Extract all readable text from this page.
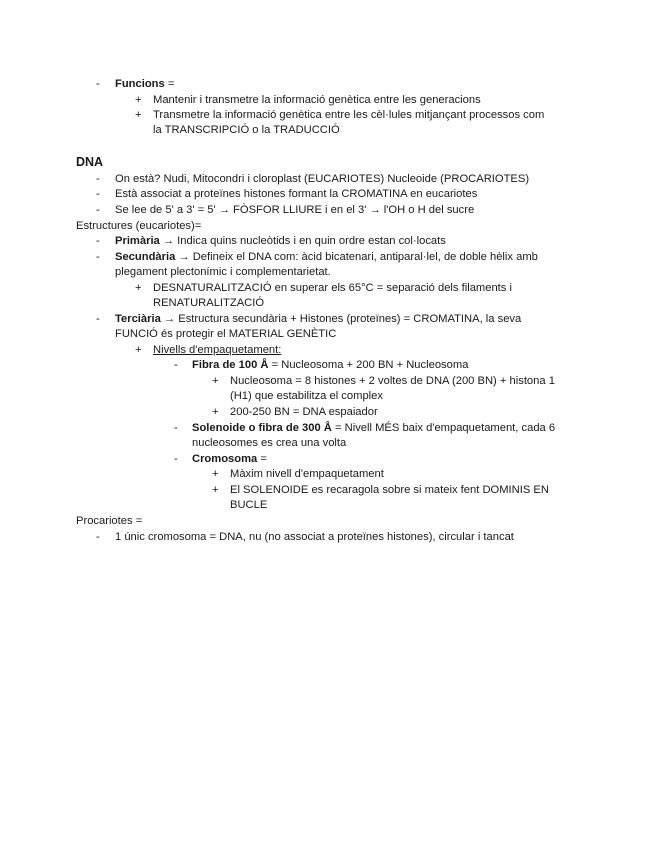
- Funcions =
+ Mantenir i transmetre la informació genètica entre les generacions
+ Transmetre la informació genètica entre les cèl·lules mitjançant processos com
la TRANSCRIPCIÓ o la TRADUCCIÓ
DNA
- On està? Nudi, Mitocondri i cloroplast (EUCARIOTES) Nucleoide (PROCARIOTES)
- Està associat a proteïnes histones formant la CROMATINA en eucariotes
- Se lee de 5' a 3' = 5' → FÒSFOR LLIURE i en el 3' → l'OH o H del sucre
Estructures (eucariotes)=
- Primària → Indica quins nucleòtids i en quin ordre estan col·locats
- Secundària → Defineix el DNA com: àcid bicatenari, antiparal·lel, de doble hèlix amb
plegament plectonímic i complementarietat.
+ DESNATURALITZACIÓ en superar els 65°C = separació dels filaments i
RENATURALITZACIÓ
- Terciària → Estructura secundària + Histones (proteïnes) = CROMATINA, la seva
FUNCIÓ és protegir el MATERIAL GENÈTIC
+ Nivells d'empaquetament:
- Fibra de 100 Å = Nucleosoma + 200 BN + Nucleosoma
+ Nucleosoma = 8 histones + 2 voltes de DNA (200 BN) + histona 1
(H1) que estabilitza el complex
+ 200-250 BN = DNA espaiador
- Solenoide o fibra de 300 Å = Nivell MÉS baix d'empaquetament, cada 6
nucleosomes es crea una volta
- Cromosoma =
+ Màxim nivell d'empaquetament
+ El SOLENOIDE es recaragola sobre si mateix fent DOMINIS EN
BUCLE
Procariotes =
- 1 únic cromosoma = DNA, nu (no associat a proteïnes histones), circular i tancat
